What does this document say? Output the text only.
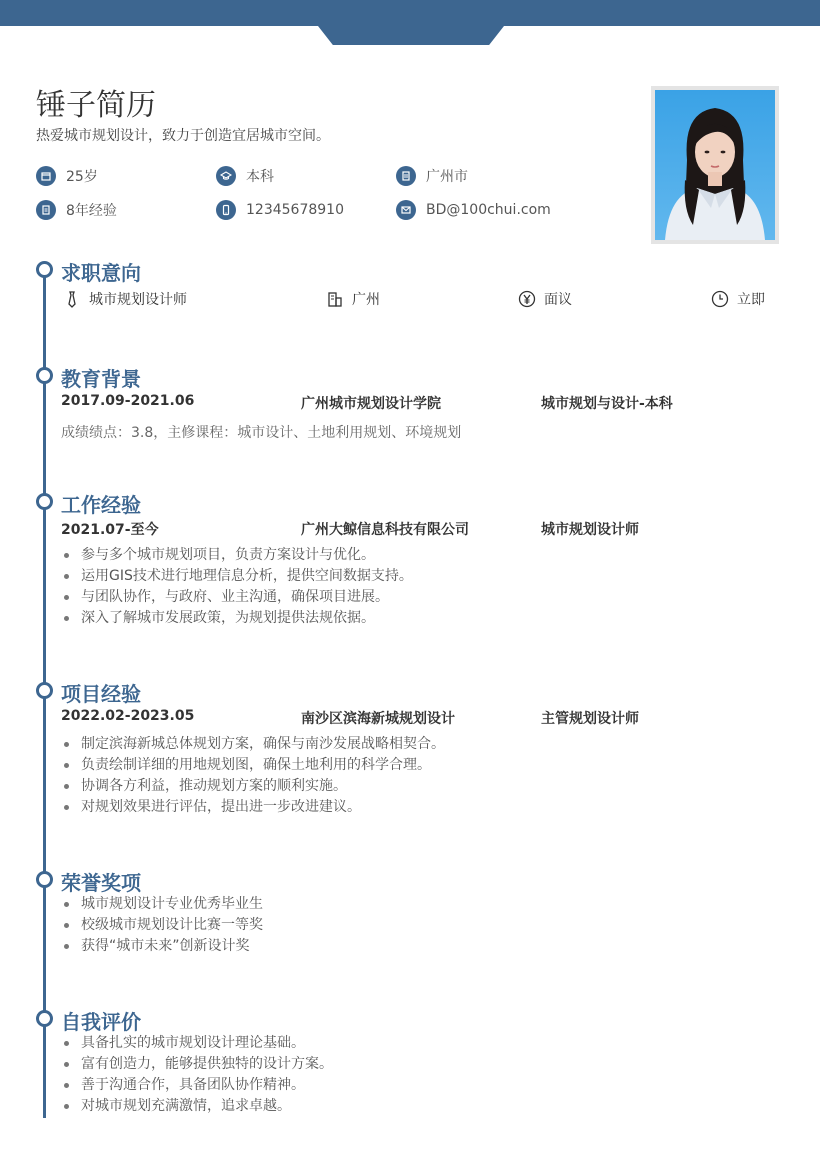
锤子简历
热爱城市规划设计，致力于创造宜居城市空间。
25岁	本科	广州市
8年经验	12345678910	BD@100chui.com
求职意向
城市规划设计师	广州	面议	立即
教育背景
2017.09-2021.06	广州城市规划设计学院	城市规划与设计-本科
成绩绩点：3.8，主修课程：城市设计、土地利用规划、环境规划
工作经验
2021.07-至今	广州大鲸信息科技有限公司	城市规划设计师
参与多个城市规划项目，负责方案设计与优化。
运用GIS技术进行地理信息分析，提供空间数据支持。
与团队协作，与政府、业主沟通，确保项目进展。
深入了解城市发展政策，为规划提供法规依据。
项目经验
2022.02-2023.05	南沙区滨海新城规划设计	主管规划设计师
制定滨海新城总体规划方案，确保与南沙发展战略相契合。
负责绘制详细的用地规划图，确保土地利用的科学合理。
协调各方利益，推动规划方案的顺利实施。
对规划效果进行评估，提出进一步改进建议。
荣誉奖项
城市规划设计专业优秀毕业生
校级城市规划设计比赛一等奖
获得“城市未来”创新设计奖
自我评价
具备扎实的城市规划设计理论基础。
富有创造力，能够提供独特的设计方案。
善于沟通合作，具备团队协作精神。
对城市规划充满激情，追求卓越。
